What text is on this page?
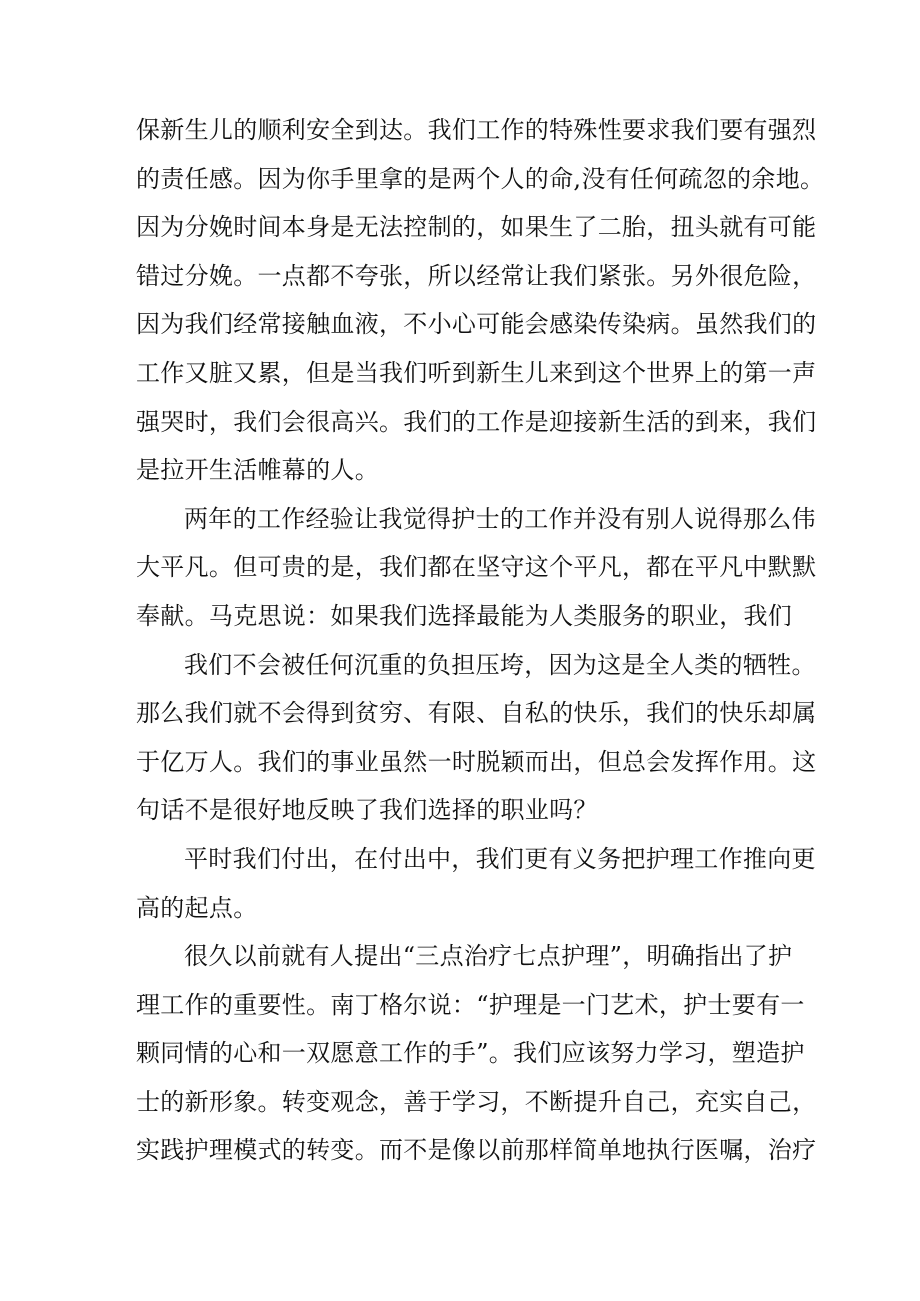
保新生儿的顺利安全到达。我们工作的特殊性要求我们要有强烈
的责任感。因为你手里拿的是两个人的命,没有任何疏忽的余地。
因为分娩时间本身是无法控制的，如果生了二胎，扭头就有可能
错过分娩。一点都不夸张，所以经常让我们紧张。另外很危险，
因为我们经常接触血液，不小心可能会感染传染病。虽然我们的
工作又脏又累，但是当我们听到新生儿来到这个世界上的第一声
强哭时，我们会很高兴。我们的工作是迎接新生活的到来，我们
是拉开生活帷幕的人。
两年的工作经验让我觉得护士的工作并没有别人说得那么伟
大平凡。但可贵的是，我们都在坚守这个平凡，都在平凡中默默
奉献。马克思说：如果我们选择最能为人类服务的职业，我们
我们不会被任何沉重的负担压垮，因为这是全人类的牺牲。
那么我们就不会得到贫穷、有限、自私的快乐，我们的快乐却属
于亿万人。我们的事业虽然一时脱颖而出，但总会发挥作用。这
句话不是很好地反映了我们选择的职业吗？
平时我们付出，在付出中，我们更有义务把护理工作推向更
高的起点。
很久以前就有人提出“三点治疗七点护理”，明确指出了护
理工作的重要性。南丁格尔说：“护理是一门艺术，护士要有一
颗同情的心和一双愿意工作的手”。我们应该努力学习，塑造护
士的新形象。转变观念，善于学习，不断提升自己，充实自己，
实践护理模式的转变。而不是像以前那样简单地执行医嘱，治疗
